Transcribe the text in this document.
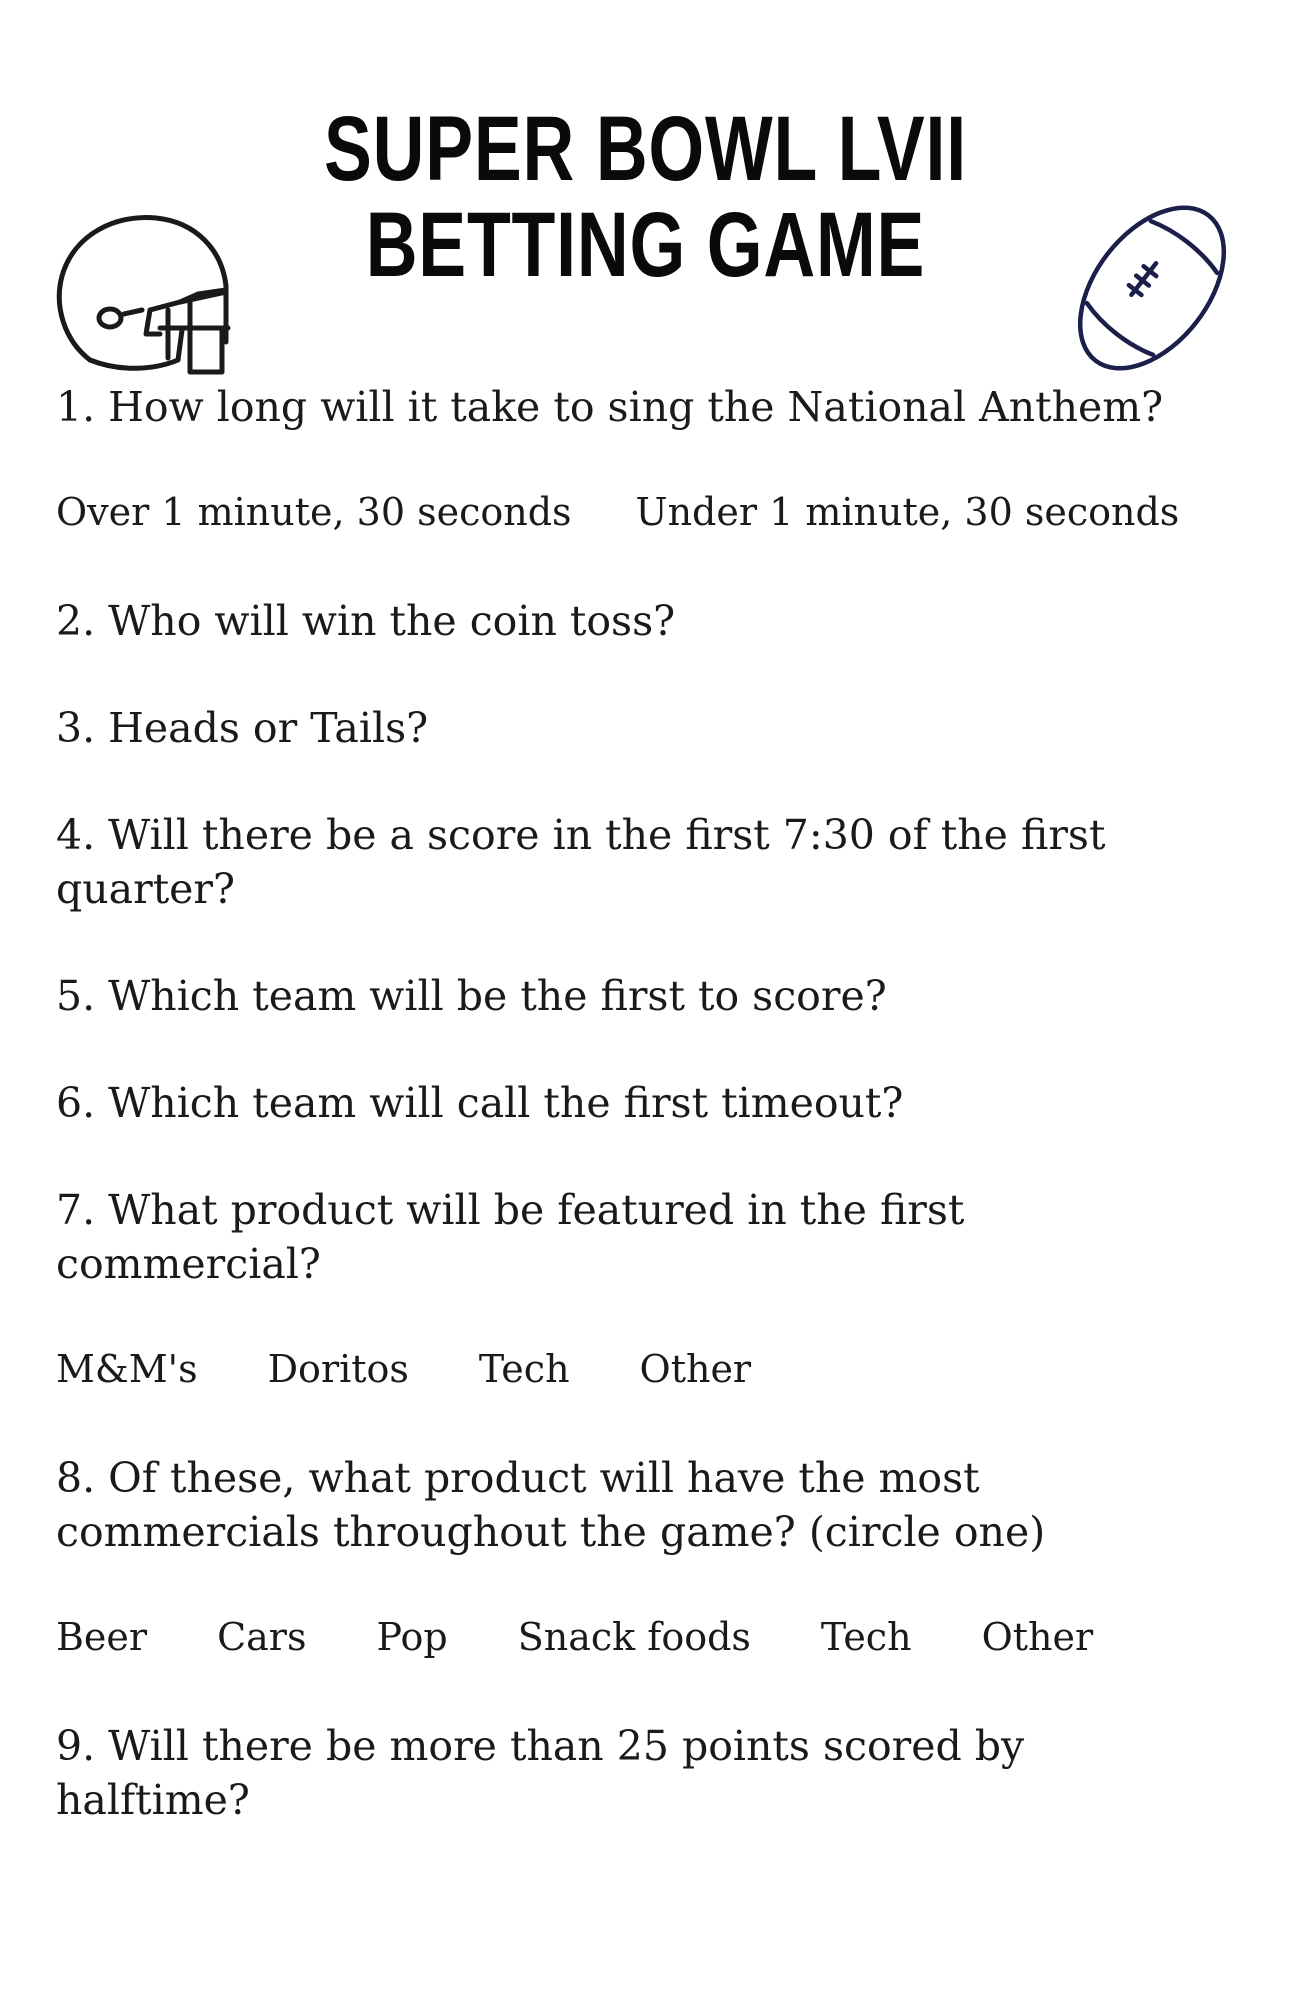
SUPER BOWL LVII
BETTING GAME
1. How long will it take to sing the National Anthem?
Over 1 minute, 30 seconds Under 1 minute, 30 seconds
2. Who will win the coin toss?
3. Heads or Tails?
4. Will there be a score in the first 7:30 of the first quarter?
5. Which team will be the first to score?
6. Which team will call the first timeout?
7. What product will be featured in the first commercial?
M&M's Doritos Tech Other
8. Of these, what product will have the most commercials throughout the game? (circle one)
Beer Cars Pop Snack foods Tech Other
9. Will there be more than 25 points scored by halftime?
